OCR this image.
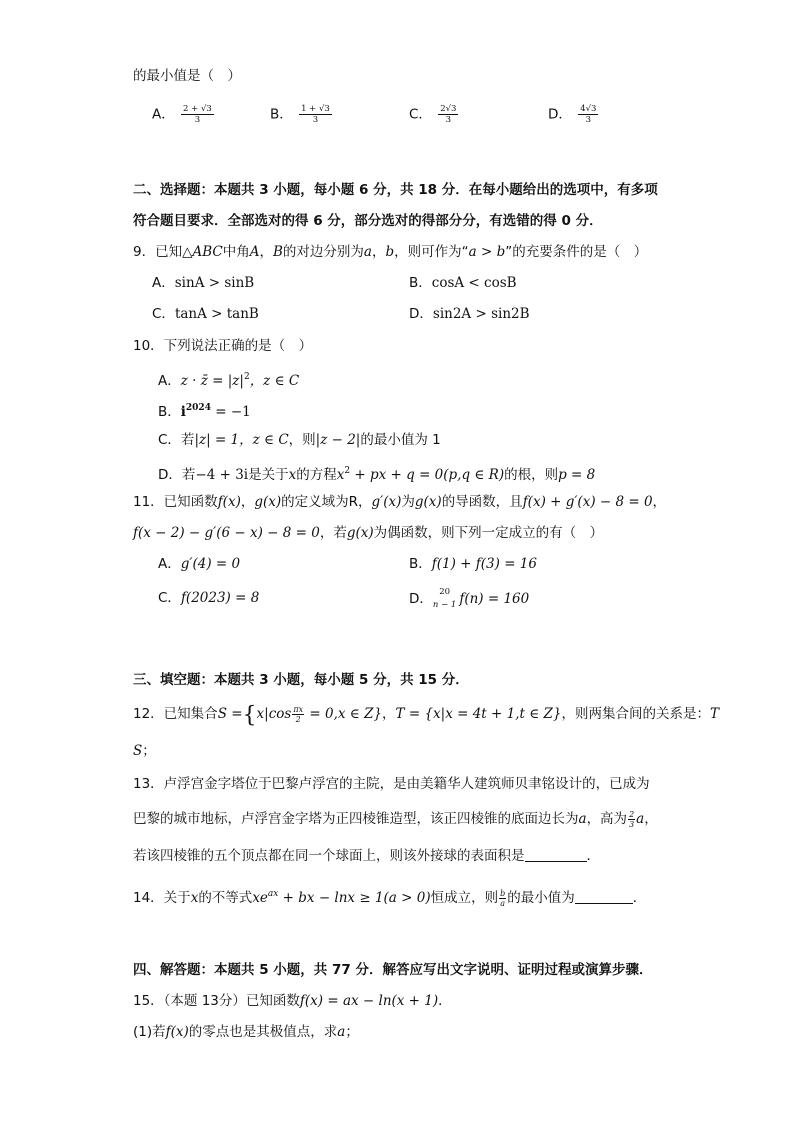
的最小值是（　）
A． $\frac{2 + √3}{3}$	B． $\frac{1 + √3}{3}$	C． $\frac{2√3}{3}$	D． $\frac{4√3}{3}$
二、选择题：本题共 3 小题，每小题 6 分，共 18 分．在每小题给出的选项中，有多项
符合题目要求．全部选对的得 6 分，部分选对的得部分分，有选错的得 0 分．
9．已知△ABC中角A，B的对边分别为a，b，则可作为“a > b”的充要条件的是（　）
A．sinA > sinB	B．cosA < cosB
C．tanA > tanB	D．sin2A > sin2B
10．下列说法正确的是（　）
A．z · z̄ = $|z|^2$，z ∈ C
B．$i^{2024} = -1$
C．若|z| = 1，z ∈ C，则|z − 2|的最小值为 1
D．若−4 + 3i是关于x的方程$x^2$ + px + q = 0(p,q ∈ R)的根，则p = 8
11．已知函数f(x)，g(x)的定义域为R，g′(x)为g(x)的导函数，且f(x) + g′(x) − 8 = 0，
f(x − 2) − g′(6 − x) − 8 = 0，若g(x)为偶函数，则下列一定成立的有（　）
A．g′(4) = 0	B．f(1) + f(3) = 16
C．f(2023) = 8	D． 20
n − 1 f(n) = 160
三、填空题：本题共 3 小题，每小题 5 分，共 15 分．
12．已知集合$S =\{x|\cos \frac{\pi x}{2} = 0,x$ ∈ Z}，T = {x|x = 4t + 1,t ∈ Z}，则两集合间的关系是：T
S；
13．卢浮宫金字塔位于巴黎卢浮宫的主院，是由美籍华人建筑师贝聿铭设计的，已成为
巴黎的城市地标，卢浮宫金字塔为正四棱锥造型，该正四棱锥的底面边长为a，高为 $\frac{2}{3}$ a，
若该四棱锥的五个顶点都在同一个球面上，则该外接球的表面积是	．
14．关于x的不等式$xe^{ax}$ + bx − lnx ≥ 1(a > 0)恒成立，则 $\frac{b}{a}$ 的最小值为	．
四、解答题：本题共 5 小题，共 77 分．解答应写出文字说明、证明过程或演算步骤．
15．（本题 13分）已知函数f(x) = ax − ln(x + 1)．
(1)若f(x)的零点也是其极值点，求a；
